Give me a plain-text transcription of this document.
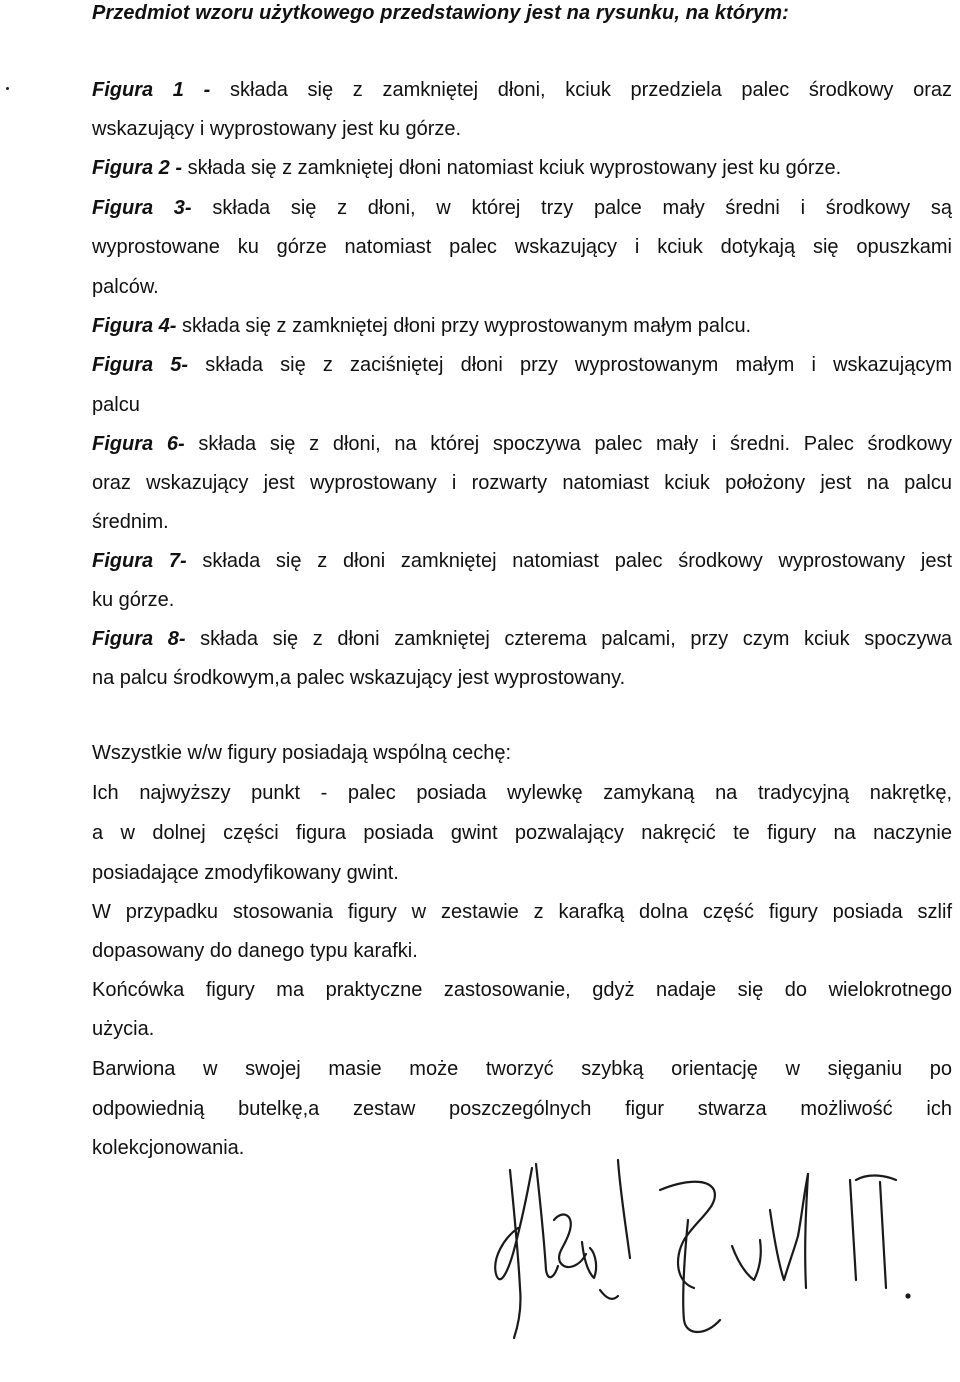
Przedmiot wzoru użytkowego przedstawiony jest na rysunku, na którym:
Figura 1 - składa się z zamkniętej dłoni, kciuk przedziela palec środkowy oraz
wskazujący i wyprostowany jest ku górze.
Figura 2 - składa się z zamkniętej dłoni natomiast kciuk wyprostowany jest ku górze.
Figura 3- składa się z dłoni, w której trzy palce mały średni i środkowy są
wyprostowane ku górze natomiast palec wskazujący i kciuk dotykają się opuszkami
palców.
Figura 4- składa się z zamkniętej dłoni przy wyprostowanym małym palcu.
Figura 5- składa się z zaciśniętej dłoni przy wyprostowanym małym i wskazującym
palcu
Figura 6- składa się z dłoni, na której spoczywa palec mały i średni. Palec środkowy
oraz wskazujący jest wyprostowany i rozwarty natomiast kciuk położony jest na palcu
średnim.
Figura 7- składa się z dłoni zamkniętej natomiast palec środkowy wyprostowany jest
ku górze.
Figura 8- składa się z dłoni zamkniętej czterema palcami, przy czym kciuk spoczywa
na palcu środkowym,a palec wskazujący jest wyprostowany.
Wszystkie w/w figury posiadają wspólną cechę:
Ich najwyższy punkt - palec posiada wylewkę zamykaną na tradycyjną nakrętkę,
a w dolnej części figura posiada gwint pozwalający nakręcić te figury na naczynie
posiadające zmodyfikowany gwint.
W przypadku stosowania figury w zestawie z karafką dolna część figury posiada szlif
dopasowany do danego typu karafki.
Końcówka figury ma praktyczne zastosowanie, gdyż nadaje się do wielokrotnego
użycia.
Barwiona w swojej masie może tworzyć szybką orientację w sięganiu po
odpowiednią butelkę,a zestaw poszczególnych figur stwarza możliwość ich
kolekcjonowania.
